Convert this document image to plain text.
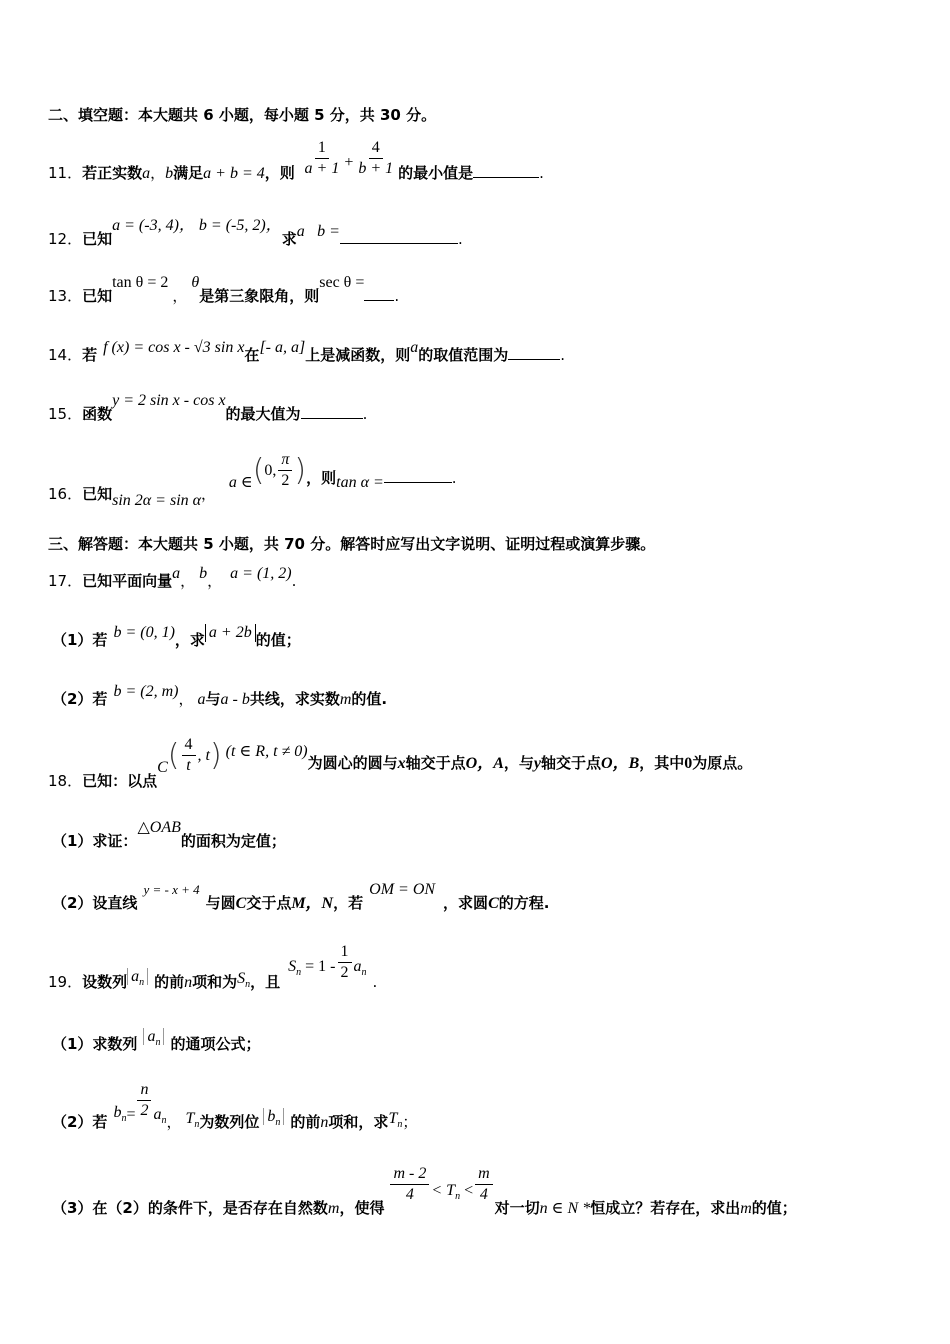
二、填空题：本大题共 6 小题，每小题 5 分，共 30 分。
11．若正实数a，b满足a + b = 4，则 $\frac{1}{a + 1} + \frac{4}{b + 1}$ 的最小值是	.
12．已知a = (-3, 4)， b = (-5, 2)，求a⃞b =	.
13．已知tan θ = 2，θ是第三象限角，则sec θ =.
14．若 f (x) = cos x - √3 sin x在[- a, a]上是减函数，则a的取值范围为	.
15．函数y = 2 sin x - cos x的最大值为	.
16．已知sin 2α = sin α， a ∈(0, $\frac{\pi}{2}$ )，则tan α =	.
三、解答题：本大题共 5 小题，共 70 分。解答时应写出文字说明、证明过程或演算步骤。
17．已知平面向量a， b， a = (1, 2).
（1）若 b = (0, 1)，求 a + 2b 的值；
（2）若 b = (2, m)， a与a - b共线，求实数m的值.
18．已知：以点$C( \frac{4}{t}$ , t) (t ∈ R, t ≠ 0)为圆心的圆与x轴交于点O，A，与y轴交于点O，B，其中0为原点。
（1）求证：△OAB的面积为定值；
（2）设直线y = - x + 4与圆C交于点M，N，若OM = ON，求圆C的方程.
19．设数列 $a_n$ 的前n项和为$S_n$，且$S_n = 1 - \frac{1}{2} a_n$.
（1）求数列 $a_n$ 的通项公式；
（2）若$b_n= \frac{n}{2} a_n$， $T_n$为数列位 $b_n$ 的前n项和，求$T_n$；
（3）在（2）的条件下，是否存在自然数m，使得
$\frac{m - 2}{4} < T_n < \frac{m}{4}$
对一切n ∈ N *恒成立？若存在，求出m的值；
